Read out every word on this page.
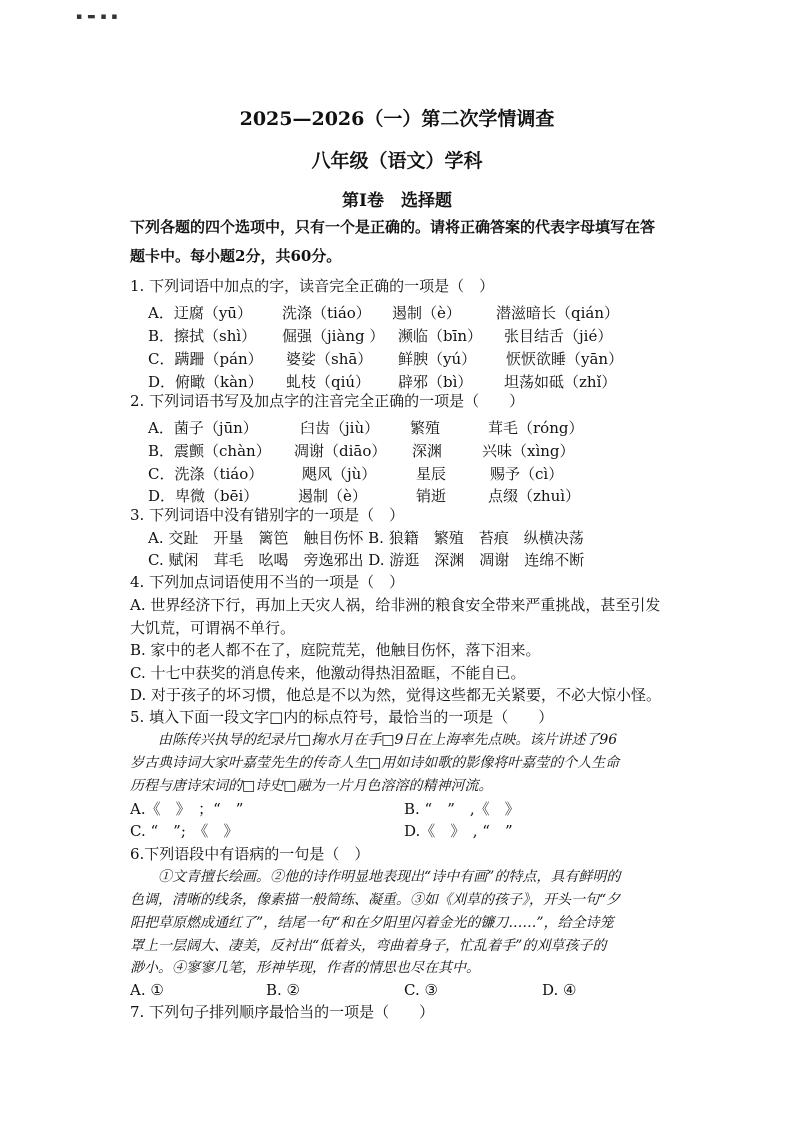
▪ ▬ ▪ ▪
2025—2026（一）第二次学情调查
八年级（语文）学科
第Ⅰ卷　选择题
下列各题的四个选项中，只有一个是正确的。请将正确答案的代表字母填写在答
题卡中。每小题2分，共60分。
1. 下列词语中加点的字，读音完全正确的一项是（　）
A．迂腐（yū） 洗涤（tiáo） 遏制（è） 潜滋暗长（qián）
B．擦拭（shì） 倔强（jiàng ） 濒临（bīn） 张目结舌（jié）
C．蹒跚（pán） 婆娑（shā） 鲜腴（yú） 恹恹欲睡（yān）
D．俯瞰（kàn） 虬枝（qiú） 辟邪（bì） 坦荡如砥（zhǐ）
2. 下列词语书写及加点字的注音完全正确的一项是（　　）
A．菌子（jūn）	臼齿（jiù） 繁殖	茸毛（róng）
B．震颤（chàn） 凋谢（diāo） 深渊	兴味（xìng）
C．洗涤（tiáo）	飓风（jù）	星辰	赐予（cì）
D．卑微（bēi）	遏制（è）	销逝	点缀（zhuì）
3. 下列词语中没有错别字的一项是（　）
A. 交趾　开垦　篱笆　触目伤怀 B. 狼籍　繁殖　苔痕　纵横决荡
C. 赋闲　茸毛　吆喝　旁逸邪出 D. 游逛　深渊　凋谢　连绵不断
4. 下列加点词语使用不当的一项是（　）
A. 世界经济下行，再加上天灾人祸，给非洲的粮食安全带来严重挑战，甚至引发
大饥荒，可谓祸不单行。
B. 家中的老人都不在了，庭院荒芜，他触目伤怀，落下泪来。
C. 十七中获奖的消息传来，他激动得热泪盈眶，不能自已。
D. 对于孩子的坏习惯，他总是不以为然，觉得这些都无关紧要，不必大惊小怪。
5. 填入下面一段文字□内的标点符号，最恰当的一项是（　　）
由陈传兴执导的纪录片□掬水月在手□9日在上海率先点映。该片讲述了96
岁古典诗词大家叶嘉莹先生的传奇人生□用如诗如歌的影像将叶嘉莹的个人生命
历程与唐诗宋词的□诗史□融为一片月色溶溶的精神河流。
A.《　》　；“　”	B. “　”　,《　》
C. “　”;　《　》	D.《　》　, “　”
6.下列语段中有语病的一句是（　）
①文青擅长绘画。②他的诗作明显地表现出“诗中有画”的特点，具有鲜明的
色调，清晰的线条，像素描一般简练、凝重。③如《刈草的孩子》，开头一句“夕
阳把草原燃成通红了”，结尾一句“和在夕阳里闪着金光的镰刀……”，给全诗笼
罩上一层阔大、凄美，反衬出“低着头，弯曲着身子，忙乱着手”的刈草孩子的
渺小。④寥寥几笔，形神毕现，作者的情思也尽在其中。
A. ①	B. ②	C. ③	D. ④
7. 下列句子排列顺序最恰当的一项是（　　）
